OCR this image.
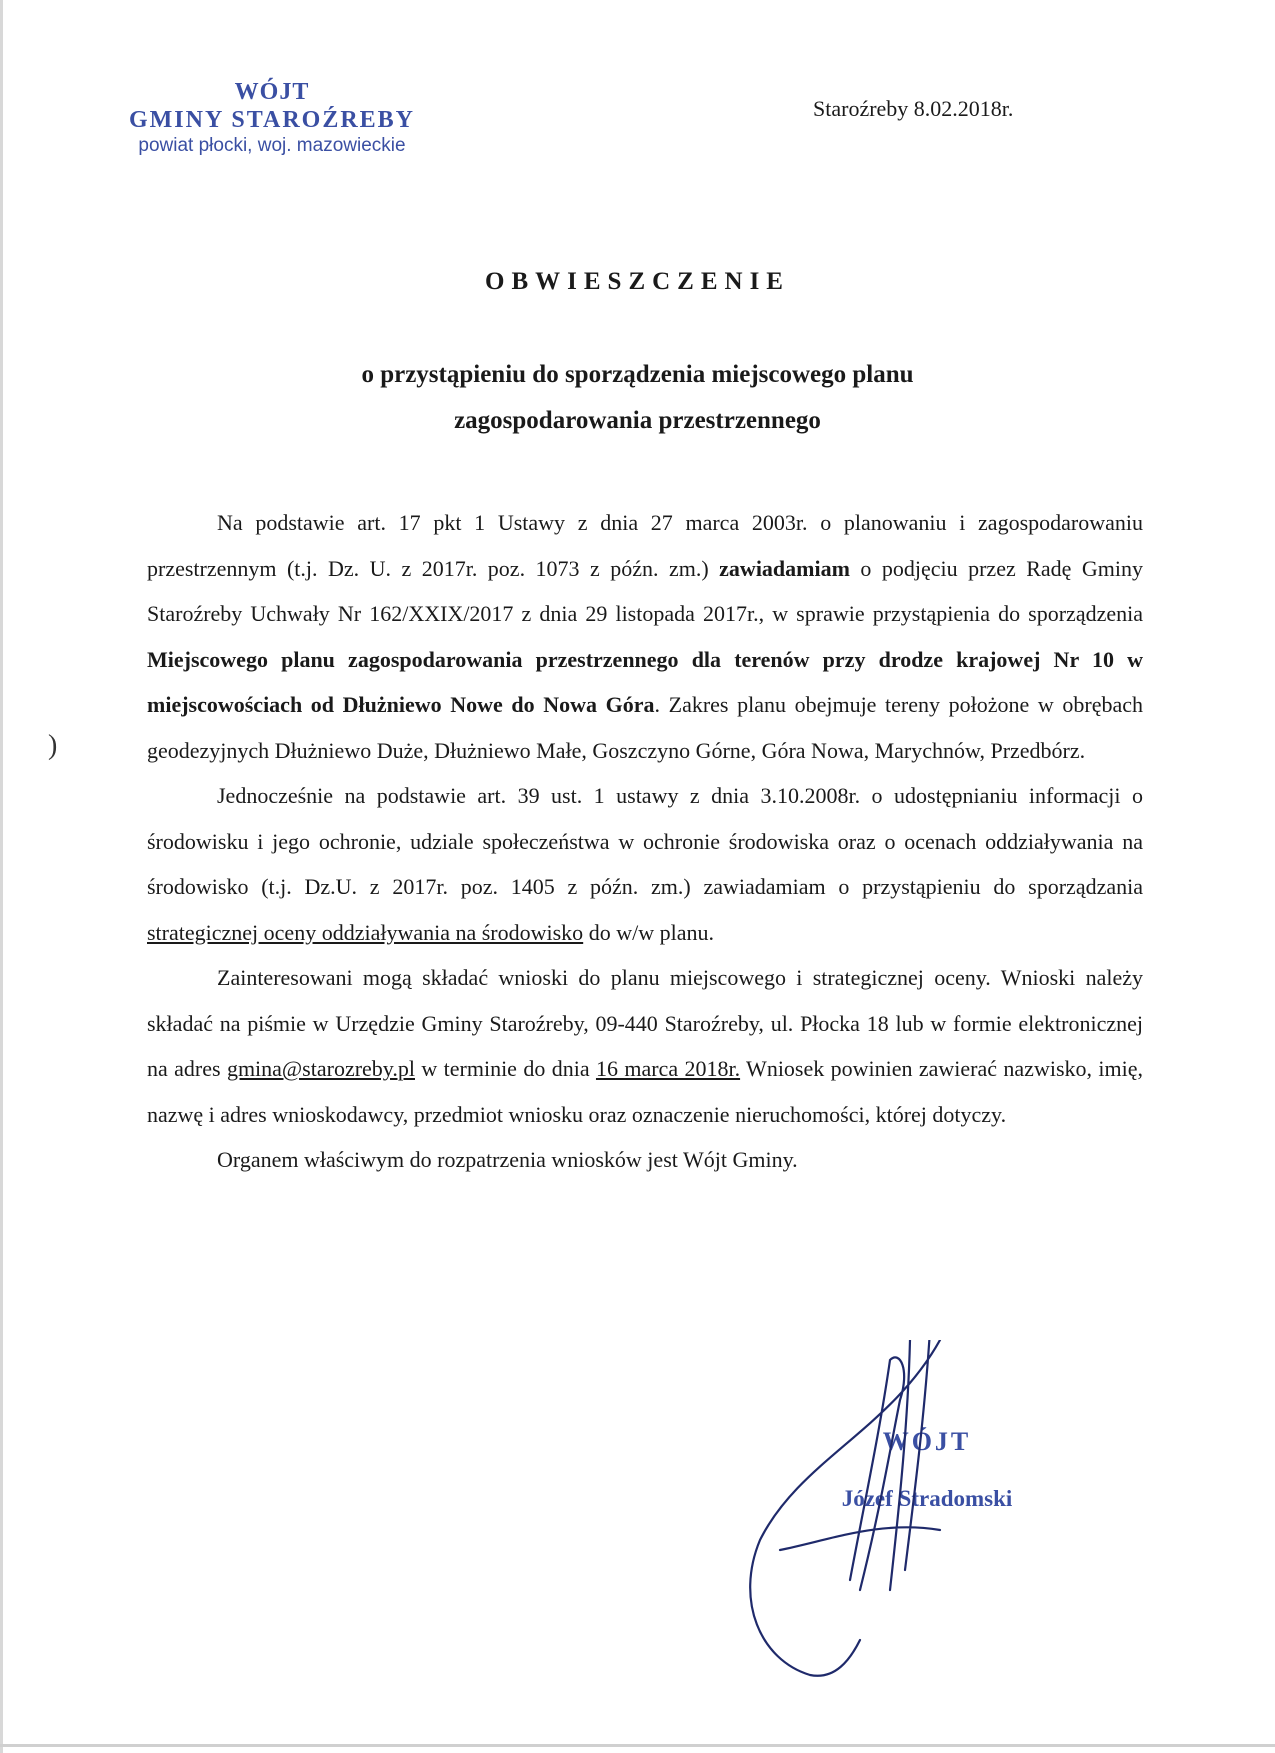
WÓJT
GMINY STAROŹREBY
powiat płocki, woj. mazowieckie
Staroźreby 8.02.2018r.
OBWIESZCZENIE
o przystąpieniu do sporządzenia miejscowego planu
zagospodarowania przestrzennego
)

Na podstawie art. 17 pkt 1 Ustawy z dnia 27 marca 2003r. o planowaniu i zagospodarowaniu przestrzennym (t.j. Dz. U. z 2017r. poz. 1073 z późn. zm.) zawiadamiam o podjęciu przez Radę Gminy Staroźreby Uchwały Nr 162/XXIX/2017 z dnia 29 listopada 2017r., w sprawie przystąpienia do sporządzenia Miejscowego planu zagospodarowania przestrzennego dla terenów przy drodze krajowej Nr 10 w miejscowościach od Dłużniewo Nowe do Nowa Góra. Zakres planu obejmuje tereny położone w obrębach geodezyjnych Dłużniewo Duże, Dłużniewo Małe, Goszczyno Górne, Góra Nowa, Marychnów, Przedbórz.

Jednocześnie na podstawie art. 39 ust. 1 ustawy z dnia 3.10.2008r. o udostępnianiu informacji o środowisku i jego ochronie, udziale społeczeństwa w ochronie środowiska oraz o ocenach oddziaływania na środowisko (t.j. Dz.U. z 2017r. poz. 1405 z późn. zm.) zawiadamiam o przystąpieniu do sporządzania strategicznej oceny oddziaływania na środowisko do w/w planu.

Zainteresowani mogą składać wnioski do planu miejscowego i strategicznej oceny. Wnioski należy składać na piśmie w Urzędzie Gminy Staroźreby, 09-440 Staroźreby, ul. Płocka 18 lub w formie elektronicznej na adres gmina@starozreby.pl w terminie do dnia 16 marca 2018r. Wniosek powinien zawierać nazwisko, imię, nazwę i adres wnioskodawcy, przedmiot wniosku oraz oznaczenie nieruchomości, której dotyczy.

Organem właściwym do rozpatrzenia wniosków jest Wójt Gminy.
WÓJT
Józef Stradomski
